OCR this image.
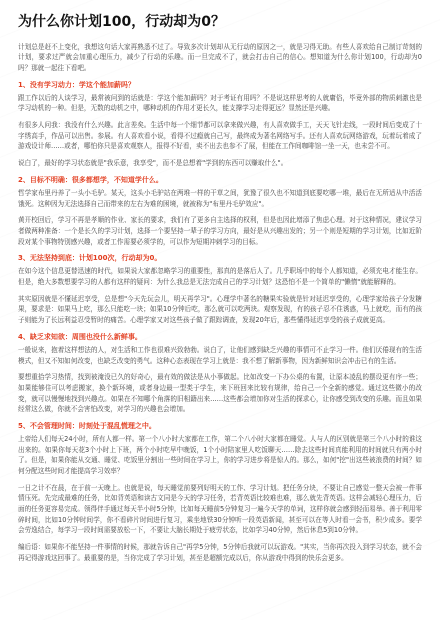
为什么你计划100，行动却为0？

计划总是赶不上变化，我想这句话大家再熟悉不过了。导致多次计划却从无行动的原因之一，就是习得无助。有些人喜欢给自己制订苛刻的计划，要求过严就会加重心理压力，减少了行动的乐趣。而一旦完成不了，就会打击自己的信心。想知道为什么你计划100，行动却为0吗？那就一起往下看吧。

1、没有学习动力：学这个能加薪吗？

跟工作以后的人谈学习，最常被问到的话就是：学这个能加薪吗？对于考证有用吗？不是说这样思考的人就庸俗，毕竟外部的物质刺激也是学习动机的一种。但是，无数的动机之中，哪种动机的作用才更长久，能支撑学习走得更远？显然还是兴趣。

有很多人问我：我没有什么兴趣。此言差矣。生活中每一个细节都可以拿来做兴趣，有人喜欢做手工，天天飞针走线，一段时间后变成了十字绣高手，作品可以出售。参展。有人喜欢看小说，看得不过瘾就自己写，最终成为著名网络写手。还有人喜欢玩网络游戏，玩着玩着成了游戏设计师……或者，哪怕你只是喜欢观察人，报得不好看，卖不出去也参不了展，但能在工作间咖啡馆一坐一天，也未尝不可。

说白了，最好的学习状态就是"我乐意，我享受"，而不是总想着"学到的东西可以赚取什么"。

2、目标不明确：很多都想学，不知道学什么。

哲学家布里丹养了一头小毛驴。某天，这头小毛驴站在两堆一样的干草之间，犹豫了很久也不知道到底要吃哪一堆，最后在无所适从中活活饿死。这种因为无法选择自己而带来的左右为难的困境，就被称为"布里丹毛驴效应"。

黄开校回后，学习不再是孝顺的作业、家长的要求，我们有了更多自主选择的权利，但是也因此增添了焦虑心理。对于这种情况，建议学习者做两种准备：一个是长久的学习计划，选择一个要坚持一辈子的学习方向，最好是从兴趣出发的；另一个则是短期的学习计划，比如近阶段对某个事物特别感兴趣，或者工作需要必须学的，可以作为短期冲刺学习的目标。

3、无法坚持到底：计划100次，行动却为0。

在如今这个信息更替迅速的时代，如果说大家都忽略学习的重要性，那真的是落后人了。几乎职场中的每个人都知道，必须充电才能生存。但是，绝大多数想要学习的人都有这样的疑问：为什么我总是无法完成自己的学习计划？这恐怕不是一个简单的"懒惰"就能解释的。

其实原因就是不懂延迟享受，总是想"今天先玩会儿，明天再学习"。心理学中著名的糖果实验就是针对延迟享受的，心理学家给孩子分发糖果，要求是：如果马上吃，那么只能吃一块；如果10分钟后吃，那么就可以吃两块。观察发现，有的孩子忍不住诱惑，马上就吃，而有的孩子则能为了长远利益忍受暂时的痛苦。心理学家又对这些孩子做了跟踪调查，发现20年后，那些懂得延迟享受的孩子成就更高。

4、缺乏求知欲：周围也没什么新鲜事。

一般说来，抱着这样想法的人，对生活和工作也很难兴致勃勃。说白了，让他们感到缺乏兴趣的事情可不止学习一件。他们厌倦现有的生活模式，但又不知如何改变，也缺乏改变的勇气。这种心态表现在学习上就是：我不想了解新事物，因为新鲜知识会冲击已有的生活。

要想重拾学习热情，找到被淹没已久的好奇心，最有效的做法是从小事做起。比如改变一下办公桌的布置，让原本凌乱的摆设更有序一些；如果能够住可以考虑搬家，换个新环境，或者身边最一型类于学生，来下班回来比较有规律，给自己一个全新的感觉。通过这些微小的改变，就可以慢慢地找到兴趣点。如果在不知哪个角落的旧相籍出来……这些都会增加你对生活的探求心，让你感受到改变的乐趣。而且如果经常这么做，你就不会害怕改变，对学习的兴趣也会增加。

5、不会管理时间：时刻处于混乱慌理之中。

上帝给人们每天24小时，所有人都一样。第一个八小时大家都在工作，第二个八小时大家都在睡觉。人与人的区别就是第三个八小时的谁这出来的。如果你每天花3个小时上下班，两个小时吃早中晚饭，1个小时陪家里人吃饭聊天……除去这些时间真能利用的时间就只有两小时了。但是，如果你能从交通、睡觉、吃饭里分割出一些时间在学习上，你的学习进步将是惊人的。那么，如何"挖"出这些被浪费的时间？如何分配这些时间才能提高学习效率？

一日之计不在晨，在于前一天晚上。也就是说，每天睡觉前要列好明天的工作、学习计划。把任务分块，不要让自己感觉一整天会被一件事情压死。先完成最难的任务，比如背英语和读古文同是今天的学习任务，若背英语比较难也难，那么就先背英语。这样会减轻心理压力，后面的任务更容易完成。领得伴手通过每天半小时5分钟，比如每天睡前5分钟复习一遍今天学的单词，这样你就会感到轻而易举。善于利用零碎时间，比如10分钟时间学，你不看碎片时间进行复习，乘坐地铁30分钟听一段英语新闻，甚至可以在等人时看一会书，积少成多。要学会劳逸结合，每学习一段时间需要放松一下，不要让大脑长期处于疲劳状态，比如学习40分钟，然后休息5到10分钟。

编后语：如果你不能坚持一件事情的时候，那就告诉自己"再学5分钟，5分钟后我就可以玩游戏。"其实，当你再次投入到学习状态，就不会再记得游戏这回事了。最重要的是，当你完成了学习计划，甚至是超额完成以后，你从游戏中得到的快乐会更多。
